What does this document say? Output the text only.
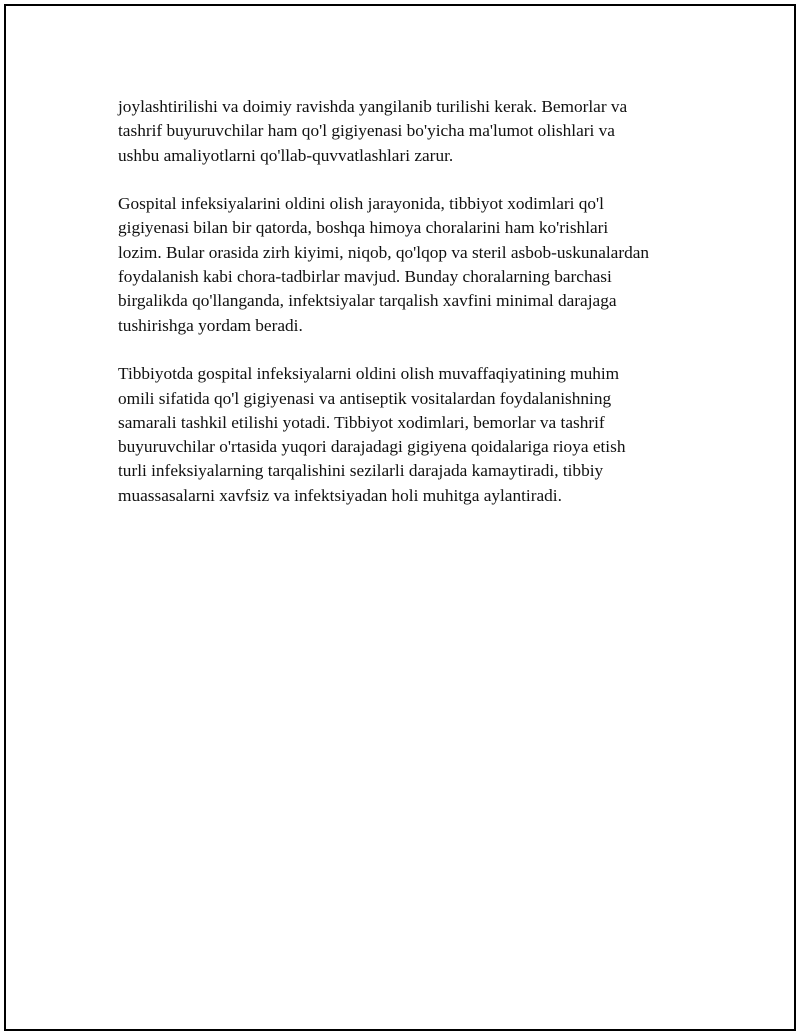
joylashtirilishi va doimiy ravishda yangilanib turilishi kerak. Bemorlar va
tashrif buyuruvchilar ham qo'l gigiyenasi bo'yicha ma'lumot olishlari va
ushbu amaliyotlarni qo'llab-quvvatlashlari zarur.

Gospital infeksiyalarini oldini olish jarayonida, tibbiyot xodimlari qo'l
gigiyenasi bilan bir qatorda, boshqa himoya choralarini ham ko'rishlari
lozim. Bular orasida zirh kiyimi, niqob, qo'lqop va steril asbob-uskunalardan
foydalanish kabi chora-tadbirlar mavjud. Bunday choralarning barchasi
birgalikda qo'llanganda, infektsiyalar tarqalish xavfini minimal darajaga
tushirishga yordam beradi.

Tibbiyotda gospital infeksiyalarni oldini olish muvaffaqiyatining muhim
omili sifatida qo'l gigiyenasi va antiseptik vositalardan foydalanishning
samarali tashkil etilishi yotadi. Tibbiyot xodimlari, bemorlar va tashrif
buyuruvchilar o'rtasida yuqori darajadagi gigiyena qoidalariga rioya etish
turli infeksiyalarning tarqalishini sezilarli darajada kamaytiradi, tibbiy
muassasalarni xavfsiz va infektsiyadan holi muhitga aylantiradi.
